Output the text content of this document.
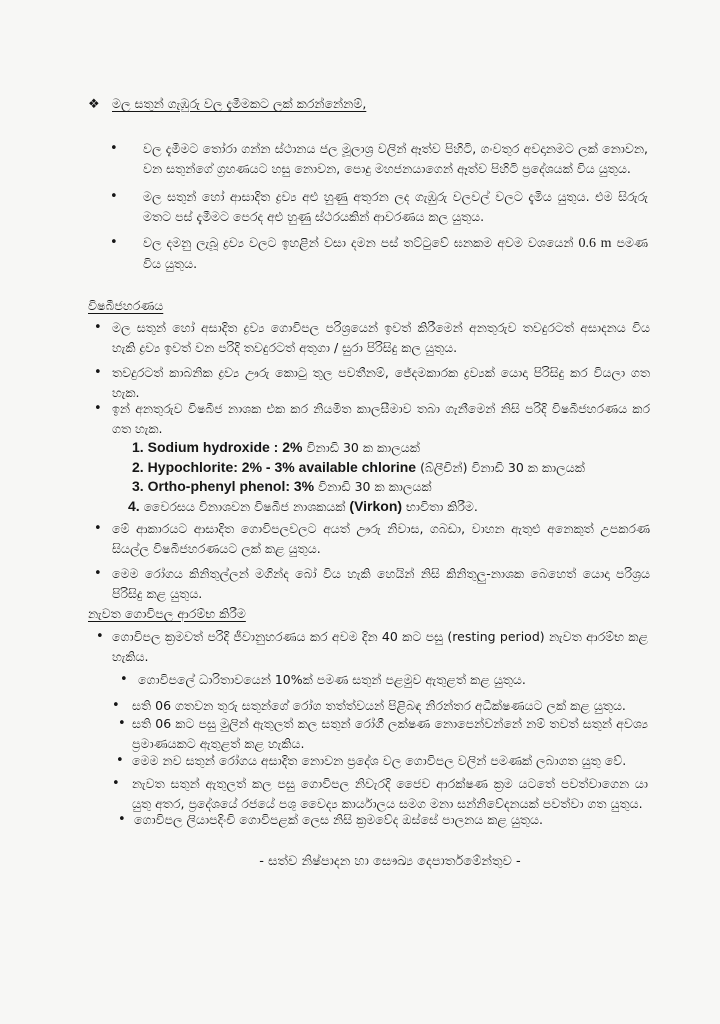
❖ මල සතුන් ගැඹුරු වල දැමීමකට ලක් කරන්නේනම්,
• වල දැමීමට තෝරා ගන්න ස්ථානය ජල මූලාශ්‍ර වලින් ඈත්ව පිහිටි, ගංවතුර අවදානමට ලක් නොවන, වන සතුන්ගේ ග්‍රහණයට හසු නොවන, පොදු මහජනයාගෙන් ඈත්ව පිහිටි ප්‍රදේශයක් විය යුතුය.
• මල සතුන් හෝ ආසාදිත ද්‍රව්‍ය අළු හුණු අතුරන ලද ගැඹුරු වලවල් වලට දැමිය යුතුය. එම සිරුරු මතට පස් දැමීමට පෙරද අළු හුණු ස්ථරයකින් ආවරණය කල යුතුය.
• වල දමනු ලැබූ ද්‍රව්‍ය වලට ඉහළින් වසා දමන පස් තට්ටුවේ ඝනකම අවම වශයෙන් 0.6 m පමණ විය යුතුය.
විෂබීජහරණය
• මල සතුන් හෝ අසාදිත ද්‍රව්‍ය ගොවිපල පරිශ්‍රයෙන් ඉවත් කිරීමෙන් අනතුරුව තවදුරටත් අසාදනය විය හැකි ද්‍රව්‍ය ඉවත් වන පරිදි තවදුරටත් අතුගා / සුරා පිරිසිදු කල යුතුය.
• තවදුරටත් කාබනික ද්‍රව්‍ය ඌරු කොටු තුල පවතීනම්, ජේදමකාරක ද්‍රව්‍යක් යොදා පිරිසිදු කර වියලා ගත හැක.
• ඉන් අනතුරුව විෂබීජ නාශක එක කර නියමිත කාලසීමාව තබා ගැනීමෙන් නිසි පරිදි විෂබීජහරණය කර ගත හැක.
1. Sodium hydroxide : 2% විනාඩි 30 ක කාලයක්
2. Hypochlorite: 2% - 3% available chlorine (බ්ලීචින්) විනාඩි 30 ක කාලයක්
3. Ortho-phenyl phenol: 3% විනාඩි 30 ක කාලයක්
4. වෛරසය විනාශවන විෂබීජ නාශකයක් (Virkon) භාවිතා කිරීම.
• මේ ආකාරයට ආසාදිත ගොවිපලවලට අයත් ඌරු නිවාස, ගබඩා, වාහන ඇතුළු අනෙකුත් උපකරණ සියල්ල විෂබීජහරණයට ලක් කළ යුතුය.
• මෙම රෝගය කිනිතුල්ලන් මගින්ද බෝ විය හැකි හෙයින් නිසි කිනිතුලු-නාශක බෙහෙත් යොදා පරිශ්‍රය පිරිසිදු කළ යුතුය.
නැවත ගොවිපල ආරම්භ කිරීම
• ගොවිපල ක්‍රමවත් පරිදි ජීවානුහරණය කර අවම දින 40 කට පසු (resting period) නැවත ආරම්භ කළ හැකිය.
• ගොවිපලේ ධාරිතාවයෙන් 10%ක් පමණ සතුන් පළමුව ඇතුළත් කළ යුතුය.
• සති 06 ගතවන තුරු සතුන්ගේ රෝග තත්ත්වයන් පිළිබඳ නිරන්තර අධීක්ෂණයට ලක් කළ යුතුය.
• සති 06 කට පසු මුලින් ඇතුලත් කල සතුන් රෝගී ලක්ෂණ නොපෙන්වන්නේ නම් තවත් සතුන් අවශ්‍ය ප්‍රමාණයකට ඇතුළත් කළ හැකිය.
• මෙම නව සතුන් රෝගය අසාදිත නොවන ප්‍රදේශ වල ගොවිපල වලින් පමණක් ලබාගත යුතු වේ.
• නැවත සතුන් ඇතුලත් කල පසු ගොවිපල නිවැරදි ජෛව ආරක්ෂණ ක්‍රම යටතේ පවත්වාගෙන යා යුතු අතර, ප්‍රදේශයේ රජයේ පශු වෛද්‍ය කාර්යාලය සමග මනා සන්නිවේදනයක් පවත්වා ගත යුතුය.
• ගොවිපල ලියාපදිංචි ගොවිපළක් ලෙස නිසි ක්‍රමවේද ඔස්සේ පාලනය කළ යුතුය.
- සත්ව නිෂ්පාදන හා සෞඛ්‍ය දෙපාර්තමේන්තුව -
